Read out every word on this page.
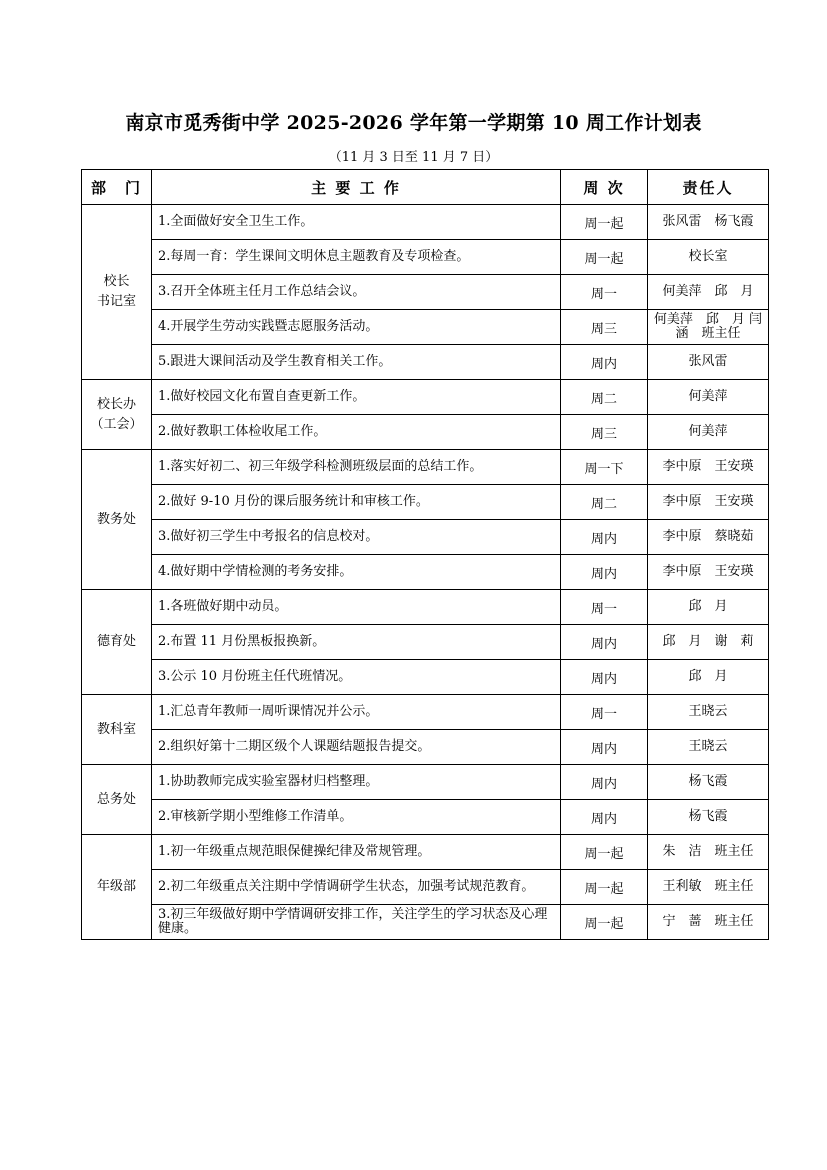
南京市觅秀街中学 2025-2026 学年第一学期第 10 周工作计划表
（11 月 3 日至 11 月 7 日）
部　门	主 要 工 作	周 次	责任人

校长
书记室	1.全面做好安全卫生工作。	周一起	张风雷　杨飞霞
	2.每周一育：学生课间文明休息主题教育及专项检查。	周一起	校长室
	3.召开全体班主任月工作总结会议。	周一	何美萍　邱　月
	4.开展学生劳动实践暨志愿服务活动。	周三	何美萍　邱　月 闫　涵　班主任
	5.跟进大课间活动及学生教育相关工作。	周内	张风雷

校长办
（工会）	1.做好校园文化布置自查更新工作。	周二	何美萍
	2.做好教职工体检收尾工作。	周三	何美萍

教务处	1.落实好初二、初三年级学科检测班级层面的总结工作。	周一下	李中原　王安瑛
	2.做好 9-10 月份的课后服务统计和审核工作。	周二	李中原　王安瑛
	3.做好初三学生中考报名的信息校对。	周内	李中原　蔡晓茹
	4.做好期中学情检测的考务安排。	周内	李中原　王安瑛

德育处	1.各班做好期中动员。	周一	邱　月
	2.布置 11 月份黑板报换新。	周内	邱　月　谢　莉
	3.公示 10 月份班主任代班情况。	周内	邱　月

教科室	1.汇总青年教师一周听课情况并公示。	周一	王晓云
	2.组织好第十二期区级个人课题结题报告提交。	周内	王晓云

总务处	1.协助教师完成实验室器材归档整理。	周内	杨飞霞
	2.审核新学期小型维修工作清单。	周内	杨飞霞

年级部	1.初一年级重点规范眼保健操纪律及常规管理。	周一起	朱　洁　班主任
	2.初二年级重点关注期中学情调研学生状态，加强考试规范教育。	周一起	王利敏　班主任
	3.初三年级做好期中学情调研安排工作，关注学生的学习状态及心理健康。	周一起	宁　蔷　班主任
